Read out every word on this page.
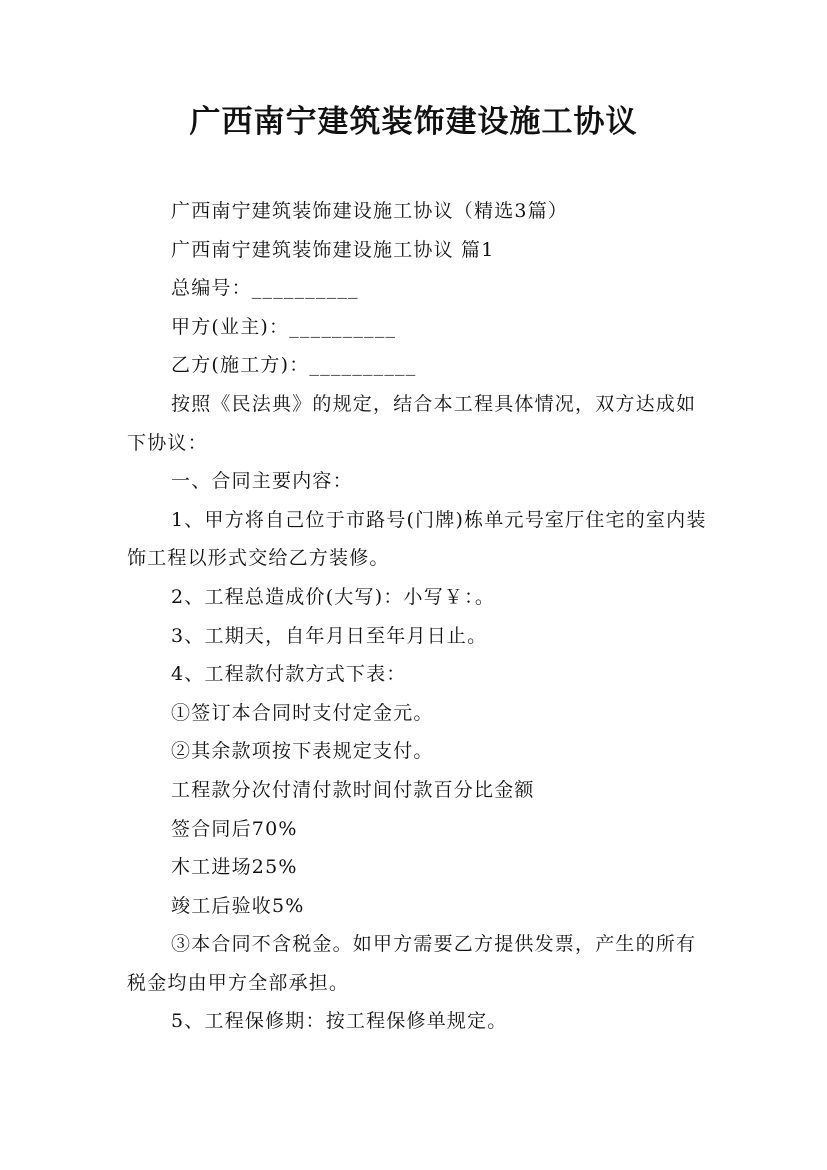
广西南宁建筑装饰建设施工协议

广西南宁建筑装饰建设施工协议（精选3篇）

广西南宁建筑装饰建设施工协议 篇1

总编号：__________

甲方(业主)：__________

乙方(施工方)：__________

按照《民法典》的规定，结合本工程具体情况，双方达成如下协议：

一、合同主要内容：

1、甲方将自己位于市路号(门牌)栋单元号室厅住宅的室内装饰工程以形式交给乙方装修。

2、工程总造成价(大写)：小写￥：。

3、工期天，自年月日至年月日止。

4、工程款付款方式下表：

①签订本合同时支付定金元。

②其余款项按下表规定支付。

工程款分次付清付款时间付款百分比金额

签合同后70%

木工进场25%

竣工后验收5%

③本合同不含税金。如甲方需要乙方提供发票，产生的所有税金均由甲方全部承担。

5、工程保修期：按工程保修单规定。
